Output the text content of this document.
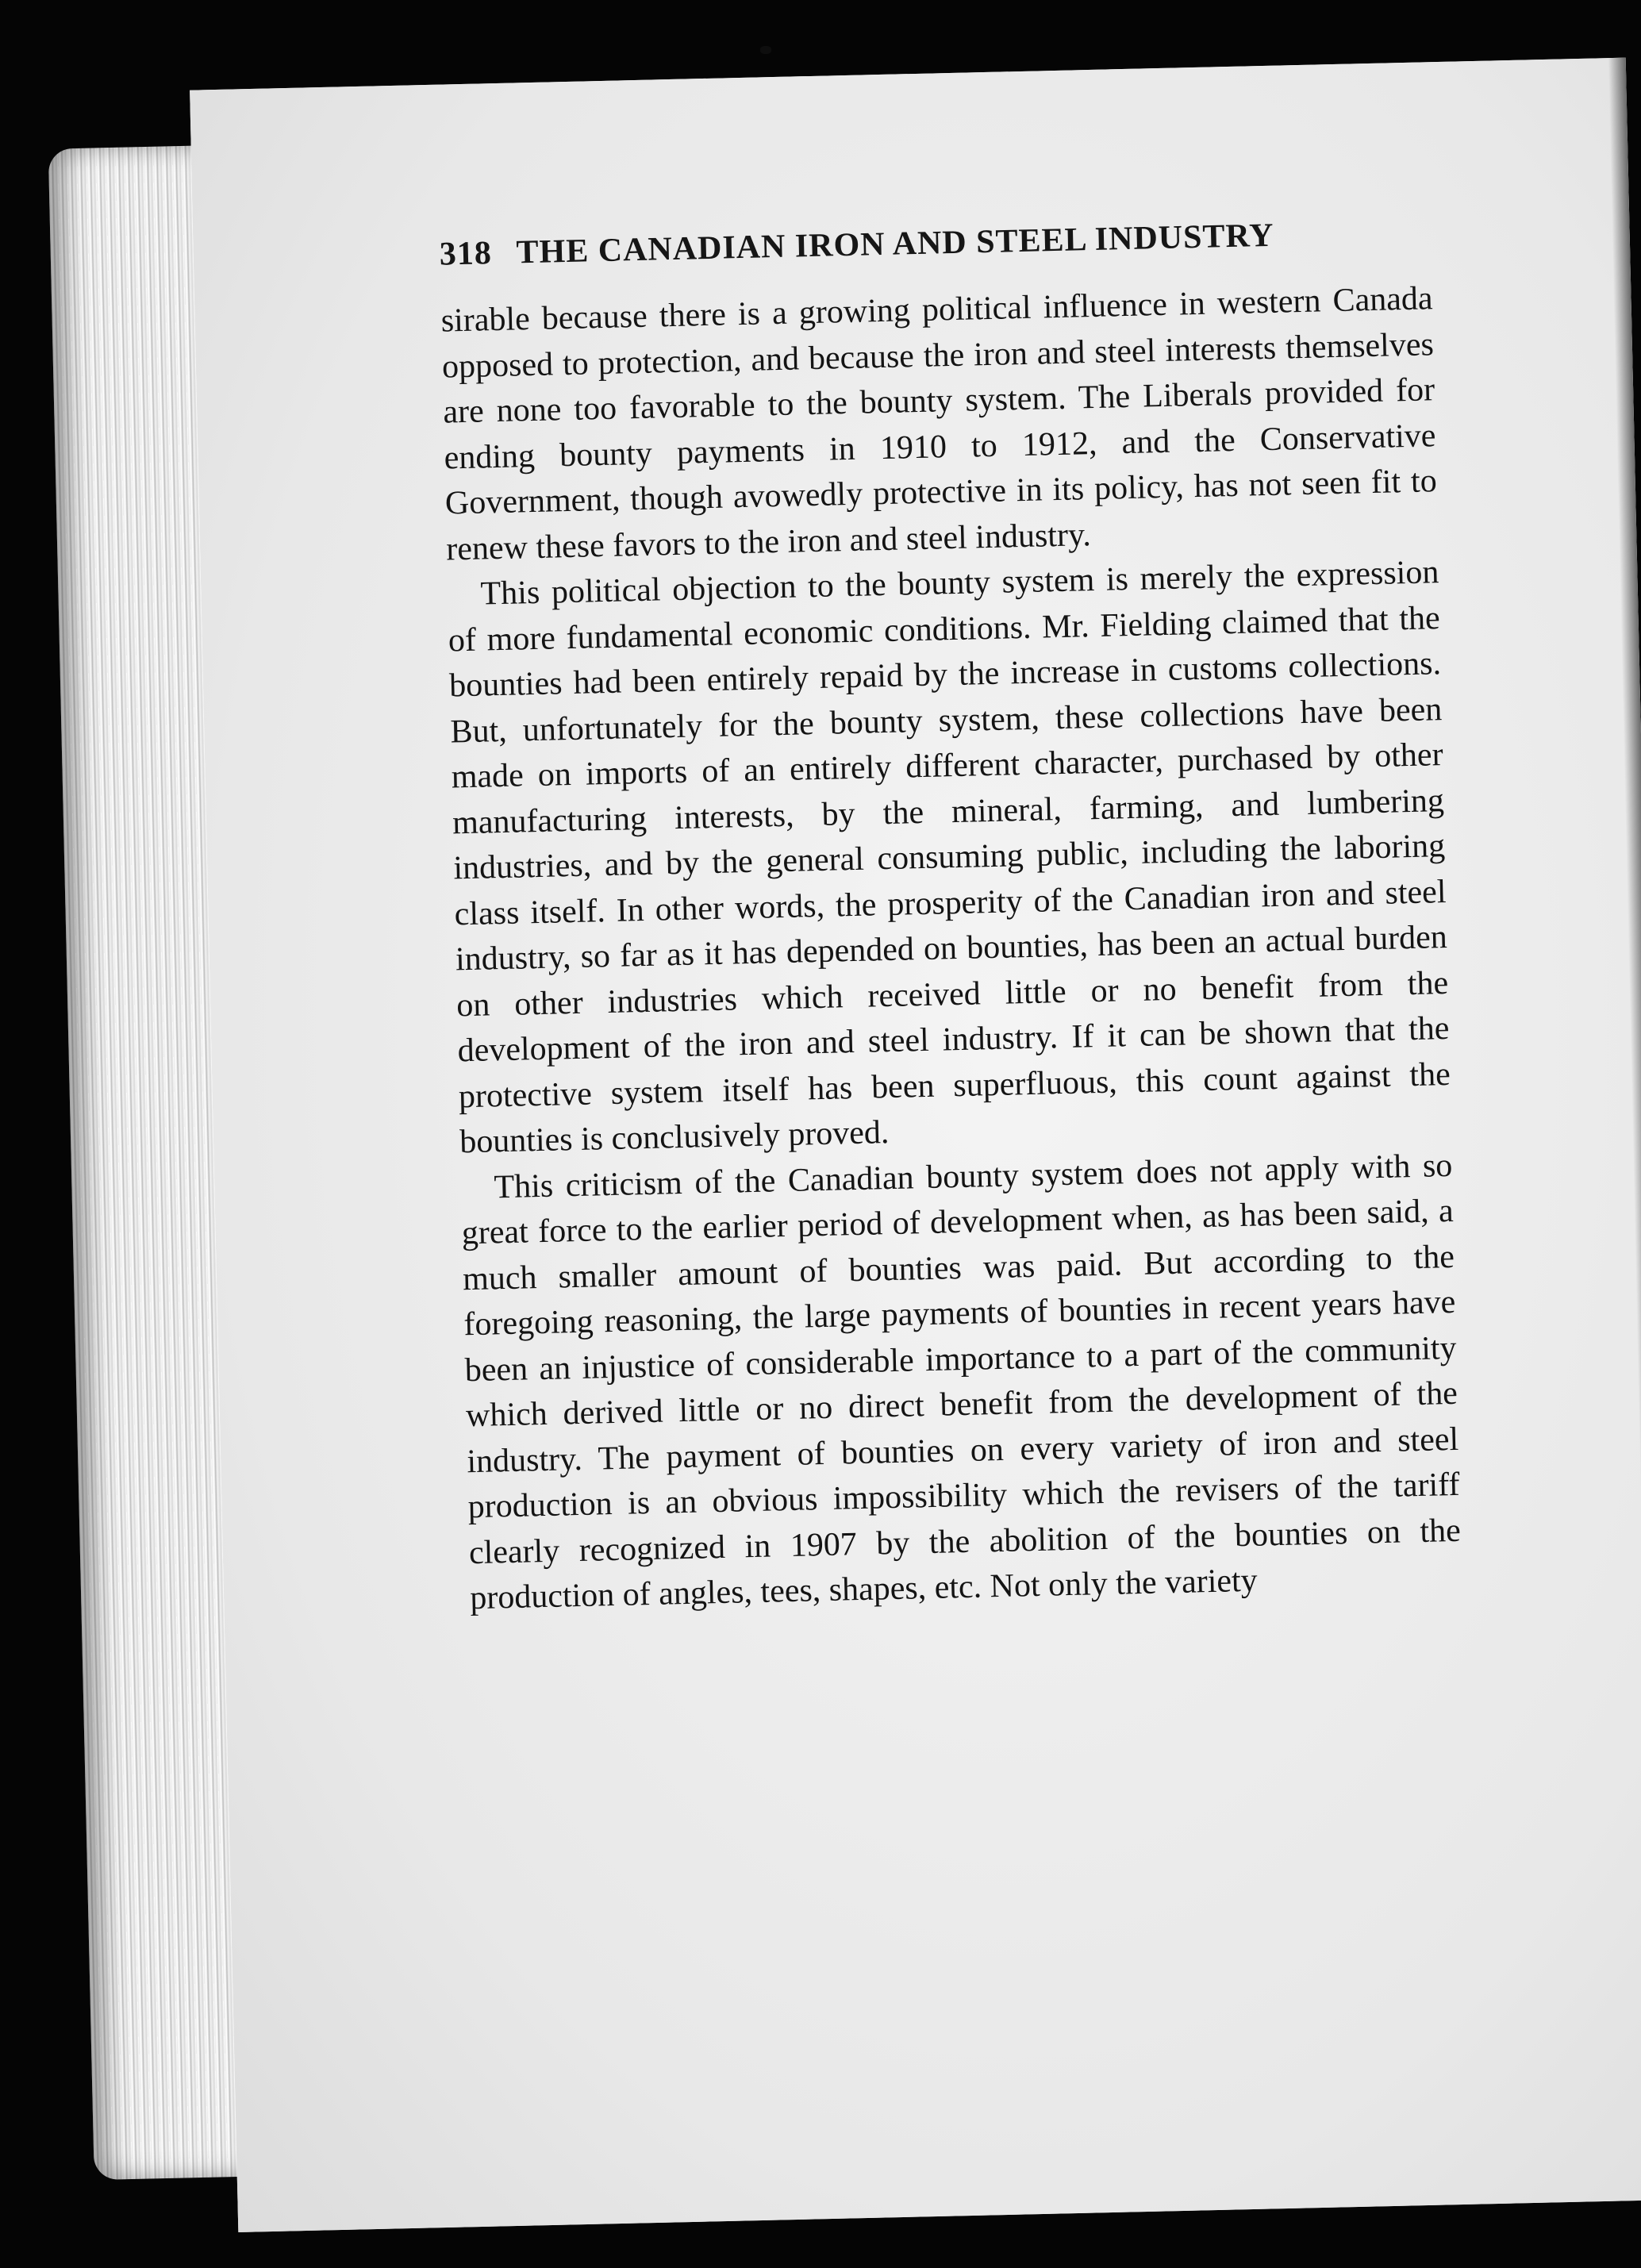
318 THE CANADIAN IRON AND STEEL INDUSTRY

sirable because there is a growing political influence in western Canada opposed to protection, and because the iron and steel interests themselves are none too favorable to the bounty system. The Liberals provided for ending bounty payments in 1910 to 1912, and the Conservative Government, though avowedly protective in its policy, has not seen fit to renew these favors to the iron and steel industry.

This political objection to the bounty system is merely the expression of more fundamental economic conditions. Mr. Fielding claimed that the bounties had been entirely repaid by the increase in customs collections. But, unfortunately for the bounty system, these collections have been made on imports of an entirely different character, purchased by other manufacturing interests, by the mineral, farming, and lumbering industries, and by the general consuming public, including the laboring class itself. In other words, the prosperity of the Canadian iron and steel industry, so far as it has depended on bounties, has been an actual burden on other industries which received little or no benefit from the development of the iron and steel industry. If it can be shown that the protective system itself has been superfluous, this count against the bounties is conclusively proved.

This criticism of the Canadian bounty system does not apply with so great force to the earlier period of development when, as has been said, a much smaller amount of bounties was paid. But according to the foregoing reasoning, the large payments of bounties in recent years have been an injustice of considerable importance to a part of the community which derived little or no direct benefit from the development of the industry. The payment of bounties on every variety of iron and steel production is an obvious impossibility which the revisers of the tariff clearly recognized in 1907 by the abolition of the bounties on the production of angles, tees, shapes, etc. Not only the variety
